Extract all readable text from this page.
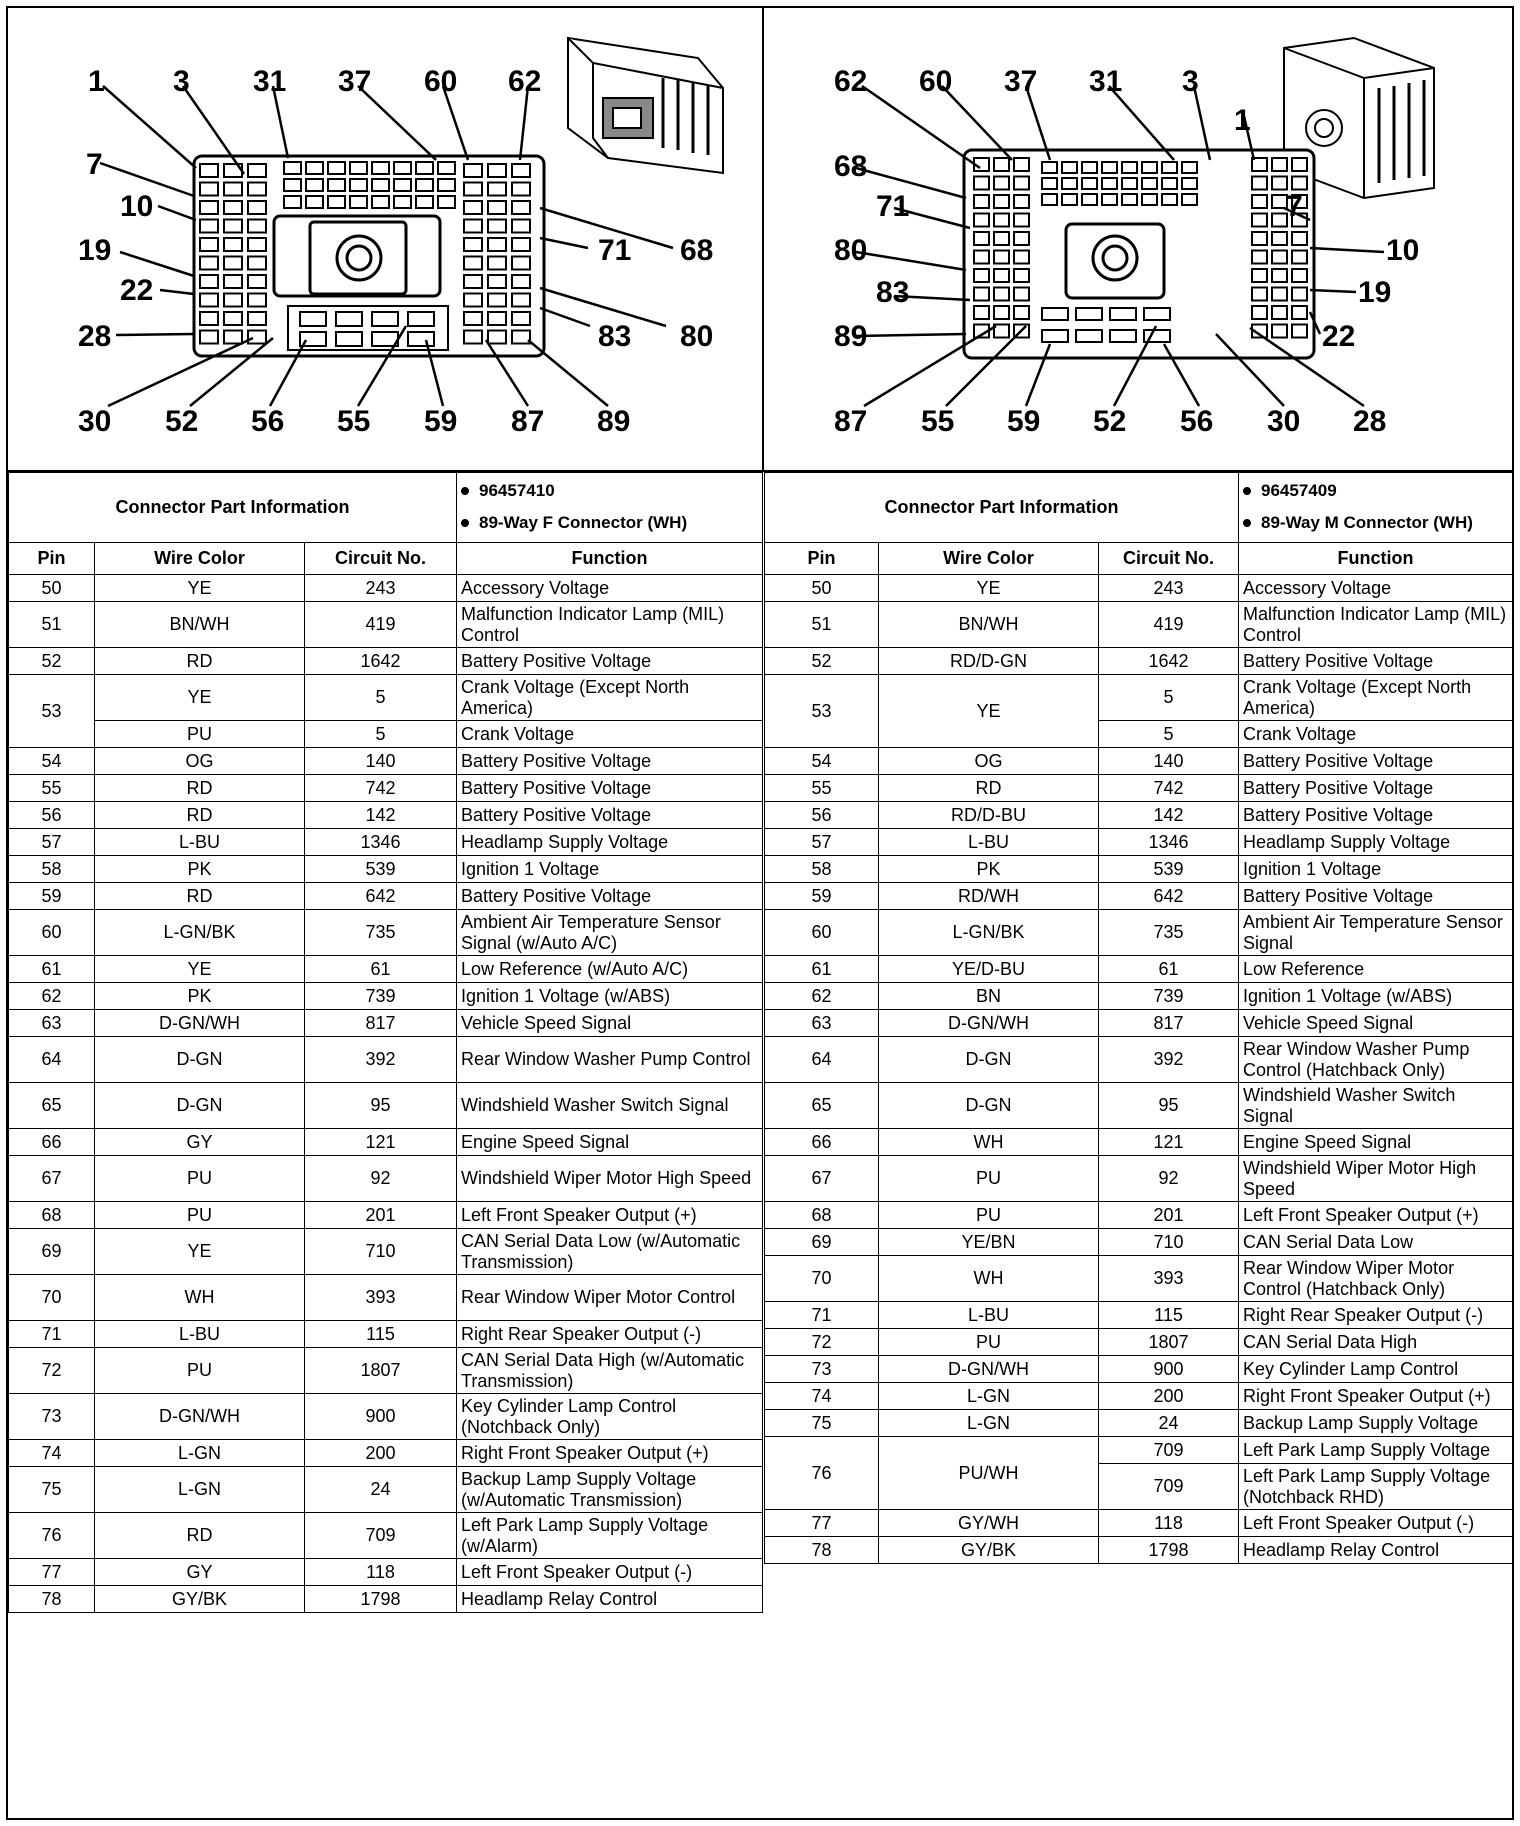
1 3 31 37 60 62
7
10
19
22
28
71 68
83 80
30 52 56 55 59 87 89
62 60 37 31 3
1
68
71
80
83
89
7
10
19
22
87 55 59 52 56 30 28
Connector Part Information			96457410
89-Way F Connector (WH)

Pin	Wire Color	Circuit No.	Function
50	YE	243	Accessory Voltage
51	BN/WH	419	Malfunction Indicator Lamp (MIL) Control
52	RD	1642	Battery Positive Voltage
53	YE	5	Crank Voltage (Except North America)
	PU	5	Crank Voltage
54	OG	140	Battery Positive Voltage
55	RD	742	Battery Positive Voltage
56	RD	142	Battery Positive Voltage
57	L-BU	1346	Headlamp Supply Voltage
58	PK	539	Ignition 1 Voltage
59	RD	642	Battery Positive Voltage
60	L-GN/BK	735	Ambient Air Temperature Sensor Signal (w/Auto A/C)
61	YE	61	Low Reference (w/Auto A/C)
62	PK	739	Ignition 1 Voltage (w/ABS)
63	D-GN/WH	817	Vehicle Speed Signal
64	D-GN	392	Rear Window Washer Pump Control
65	D-GN	95	Windshield Washer Switch Signal
66	GY	121	Engine Speed Signal
67	PU	92	Windshield Wiper Motor High Speed
68	PU	201	Left Front Speaker Output (+)
69	YE	710	CAN Serial Data Low (w/Automatic Transmission)
70	WH	393	Rear Window Wiper Motor Control
71	L-BU	115	Right Rear Speaker Output (-)
72	PU	1807	CAN Serial Data High (w/Automatic Transmission)
73	D-GN/WH	900	Key Cylinder Lamp Control (Notchback Only)
74	L-GN	200	Right Front Speaker Output (+)
75	L-GN	24	Backup Lamp Supply Voltage (w/Automatic Transmission)
76	RD	709	Left Park Lamp Supply Voltage (w/Alarm)
77	GY	118	Left Front Speaker Output (-)
78	GY/BK	1798	Headlamp Relay Control
Connector Part Information			96457409
89-Way M Connector (WH)

Pin	Wire Color	Circuit No.	Function
50	YE	243	Accessory Voltage
51	BN/WH	419	Malfunction Indicator Lamp (MIL) Control
52	RD/D-GN	1642	Battery Positive Voltage
53	YE	5	Crank Voltage (Except North America)
		5	Crank Voltage
54	OG	140	Battery Positive Voltage
55	RD	742	Battery Positive Voltage
56	RD/D-BU	142	Battery Positive Voltage
57	L-BU	1346	Headlamp Supply Voltage
58	PK	539	Ignition 1 Voltage
59	RD/WH	642	Battery Positive Voltage
60	L-GN/BK	735	Ambient Air Temperature Sensor Signal
61	YE/D-BU	61	Low Reference
62	BN	739	Ignition 1 Voltage (w/ABS)
63	D-GN/WH	817	Vehicle Speed Signal
64	D-GN	392	Rear Window Washer Pump Control (Hatchback Only)
65	D-GN	95	Windshield Washer Switch Signal
66	WH	121	Engine Speed Signal
67	PU	92	Windshield Wiper Motor High Speed
68	PU	201	Left Front Speaker Output (+)
69	YE/BN	710	CAN Serial Data Low
70	WH	393	Rear Window Wiper Motor Control (Hatchback Only)
71	L-BU	115	Right Rear Speaker Output (-)
72	PU	1807	CAN Serial Data High
73	D-GN/WH	900	Key Cylinder Lamp Control
74	L-GN	200	Right Front Speaker Output (+)
75	L-GN	24	Backup Lamp Supply Voltage
76	PU/WH	709	Left Park Lamp Supply Voltage
		709	Left Park Lamp Supply Voltage (Notchback RHD)
77	GY/WH	118	Left Front Speaker Output (-)
78	GY/BK	1798	Headlamp Relay Control
